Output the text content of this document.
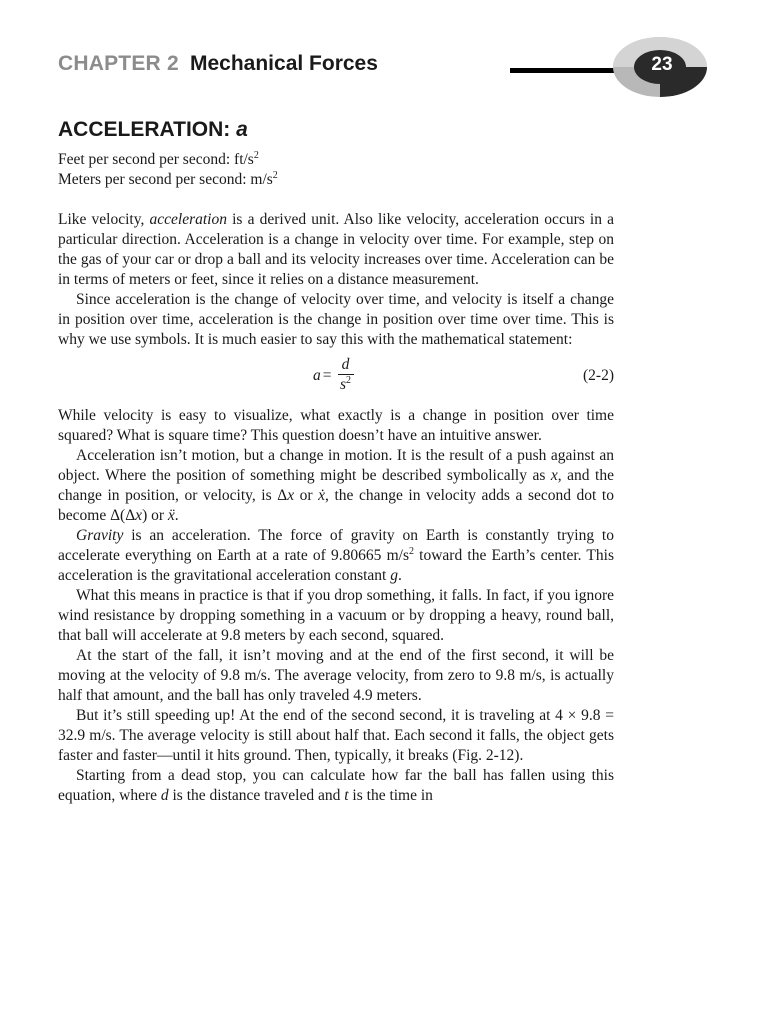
CHAPTER 2 Mechanical Forces	23
ACCELERATION: a

Feet per second per second: $ft/s^2$
Meters per second per second: $m/s^2$

Like velocity, acceleration is a derived unit. Also like velocity, acceleration occurs in a particular direction. Acceleration is a change in velocity over time. For example, step on the gas of your car or drop a ball and its velocity increases over time. Acceleration can be in terms of meters or feet, since it relies on a distance measurement.

Since acceleration is the change of velocity over time, and velocity is itself a change in position over time, acceleration is the change in position over time over time. This is why we use symbols. It is much easier to say this with the mathematical statement:

$a = \frac{d}{s^2}$	(2-2)

While velocity is easy to visualize, what exactly is a change in position over time squared? What is square time? This question doesn’t have an intuitive answer.

Acceleration isn’t motion, but a change in motion. It is the result of a push against an object. Where the position of something might be described symbolically as x, and the change in position, or velocity, is Δx or ẋ, the change in velocity adds a second dot to become Δ(Δx) or ẍ.

Gravity is an acceleration. The force of gravity on Earth is constantly trying to accelerate everything on Earth at a rate of 9.80665 $m/s^2$ toward the Earth’s center. This acceleration is the gravitational acceleration constant g.

What this means in practice is that if you drop something, it falls. In fact, if you ignore wind resistance by dropping something in a vacuum or by dropping a heavy, round ball, that ball will accelerate at 9.8 meters by each second, squared.

At the start of the fall, it isn’t moving and at the end of the first second, it will be moving at the velocity of 9.8 m/s. The average velocity, from zero to 9.8 m/s, is actually half that amount, and the ball has only traveled 4.9 meters.

But it’s still speeding up! At the end of the second second, it is traveling at 4 × 9.8 = 32.9 m/s. The average velocity is still about half that. Each second it falls, the object gets faster and faster—until it hits ground. Then, typically, it breaks (Fig. 2-12).

Starting from a dead stop, you can calculate how far the ball has fallen using this equation, where d is the distance traveled and t is the time in
